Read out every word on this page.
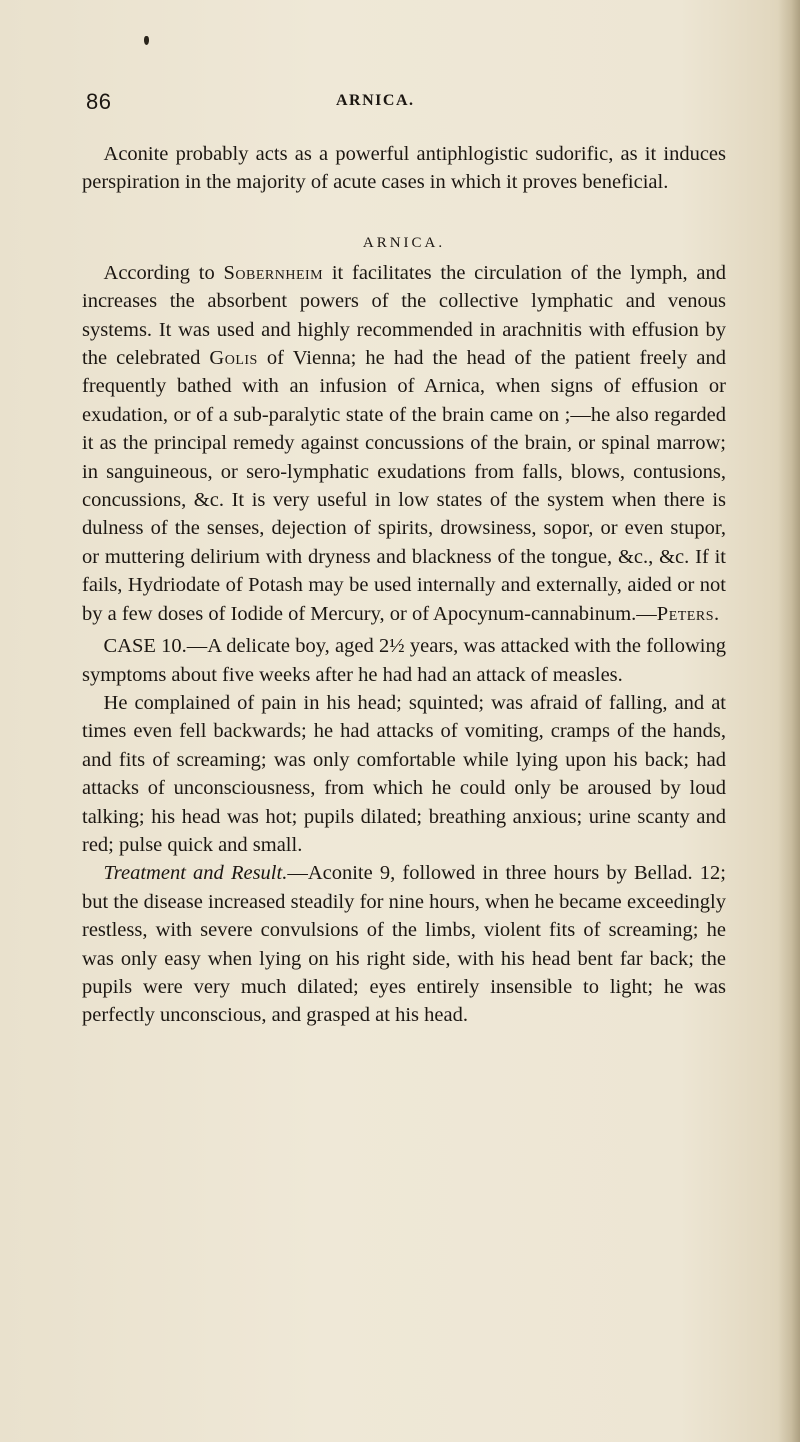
86	ARNICA.

Aconite probably acts as a powerful antiphlogistic sudorific, as it induces perspiration in the majority of acute cases in which it proves beneficial.

ARNICA.

According to Sobernheim it facilitates the circulation of the lymph, and increases the absorbent powers of the collective lymphatic and venous systems. It was used and highly recommended in arachnitis with effusion by the celebrated Golis of Vienna; he had the head of the patient freely and frequently bathed with an infusion of Arnica, when signs of effusion or exudation, or of a sub-paralytic state of the brain came on ;—he also regarded it as the principal remedy against concussions of the brain, or spinal marrow; in sanguineous, or sero-lymphatic exudations from falls, blows, contusions, concussions, &c. It is very useful in low states of the system when there is dulness of the senses, dejection of spirits, drowsiness, sopor, or even stupor, or muttering delirium with dryness and blackness of the tongue, &c., &c. If it fails, Hydriodate of Potash may be used internally and externally, aided or not by a few doses of Iodide of Mercury, or of Apocynum-cannabinum.—Peters.

CASE 10.—A delicate boy, aged 2½ years, was attacked with the following symptoms about five weeks after he had had an attack of measles.

He complained of pain in his head; squinted; was afraid of falling, and at times even fell backwards; he had attacks of vomiting, cramps of the hands, and fits of screaming; was only comfortable while lying upon his back; had attacks of unconsciousness, from which he could only be aroused by loud talking; his head was hot; pupils dilated; breathing anxious; urine scanty and red; pulse quick and small.

Treatment and Result.—Aconite 9, followed in three hours by Bellad. 12; but the disease increased steadily for nine hours, when he became exceedingly restless, with severe convulsions of the limbs, violent fits of screaming; he was only easy when lying on his right side, with his head bent far back; the pupils were very much dilated; eyes entirely insensible to light; he was perfectly unconscious, and grasped at his head.
